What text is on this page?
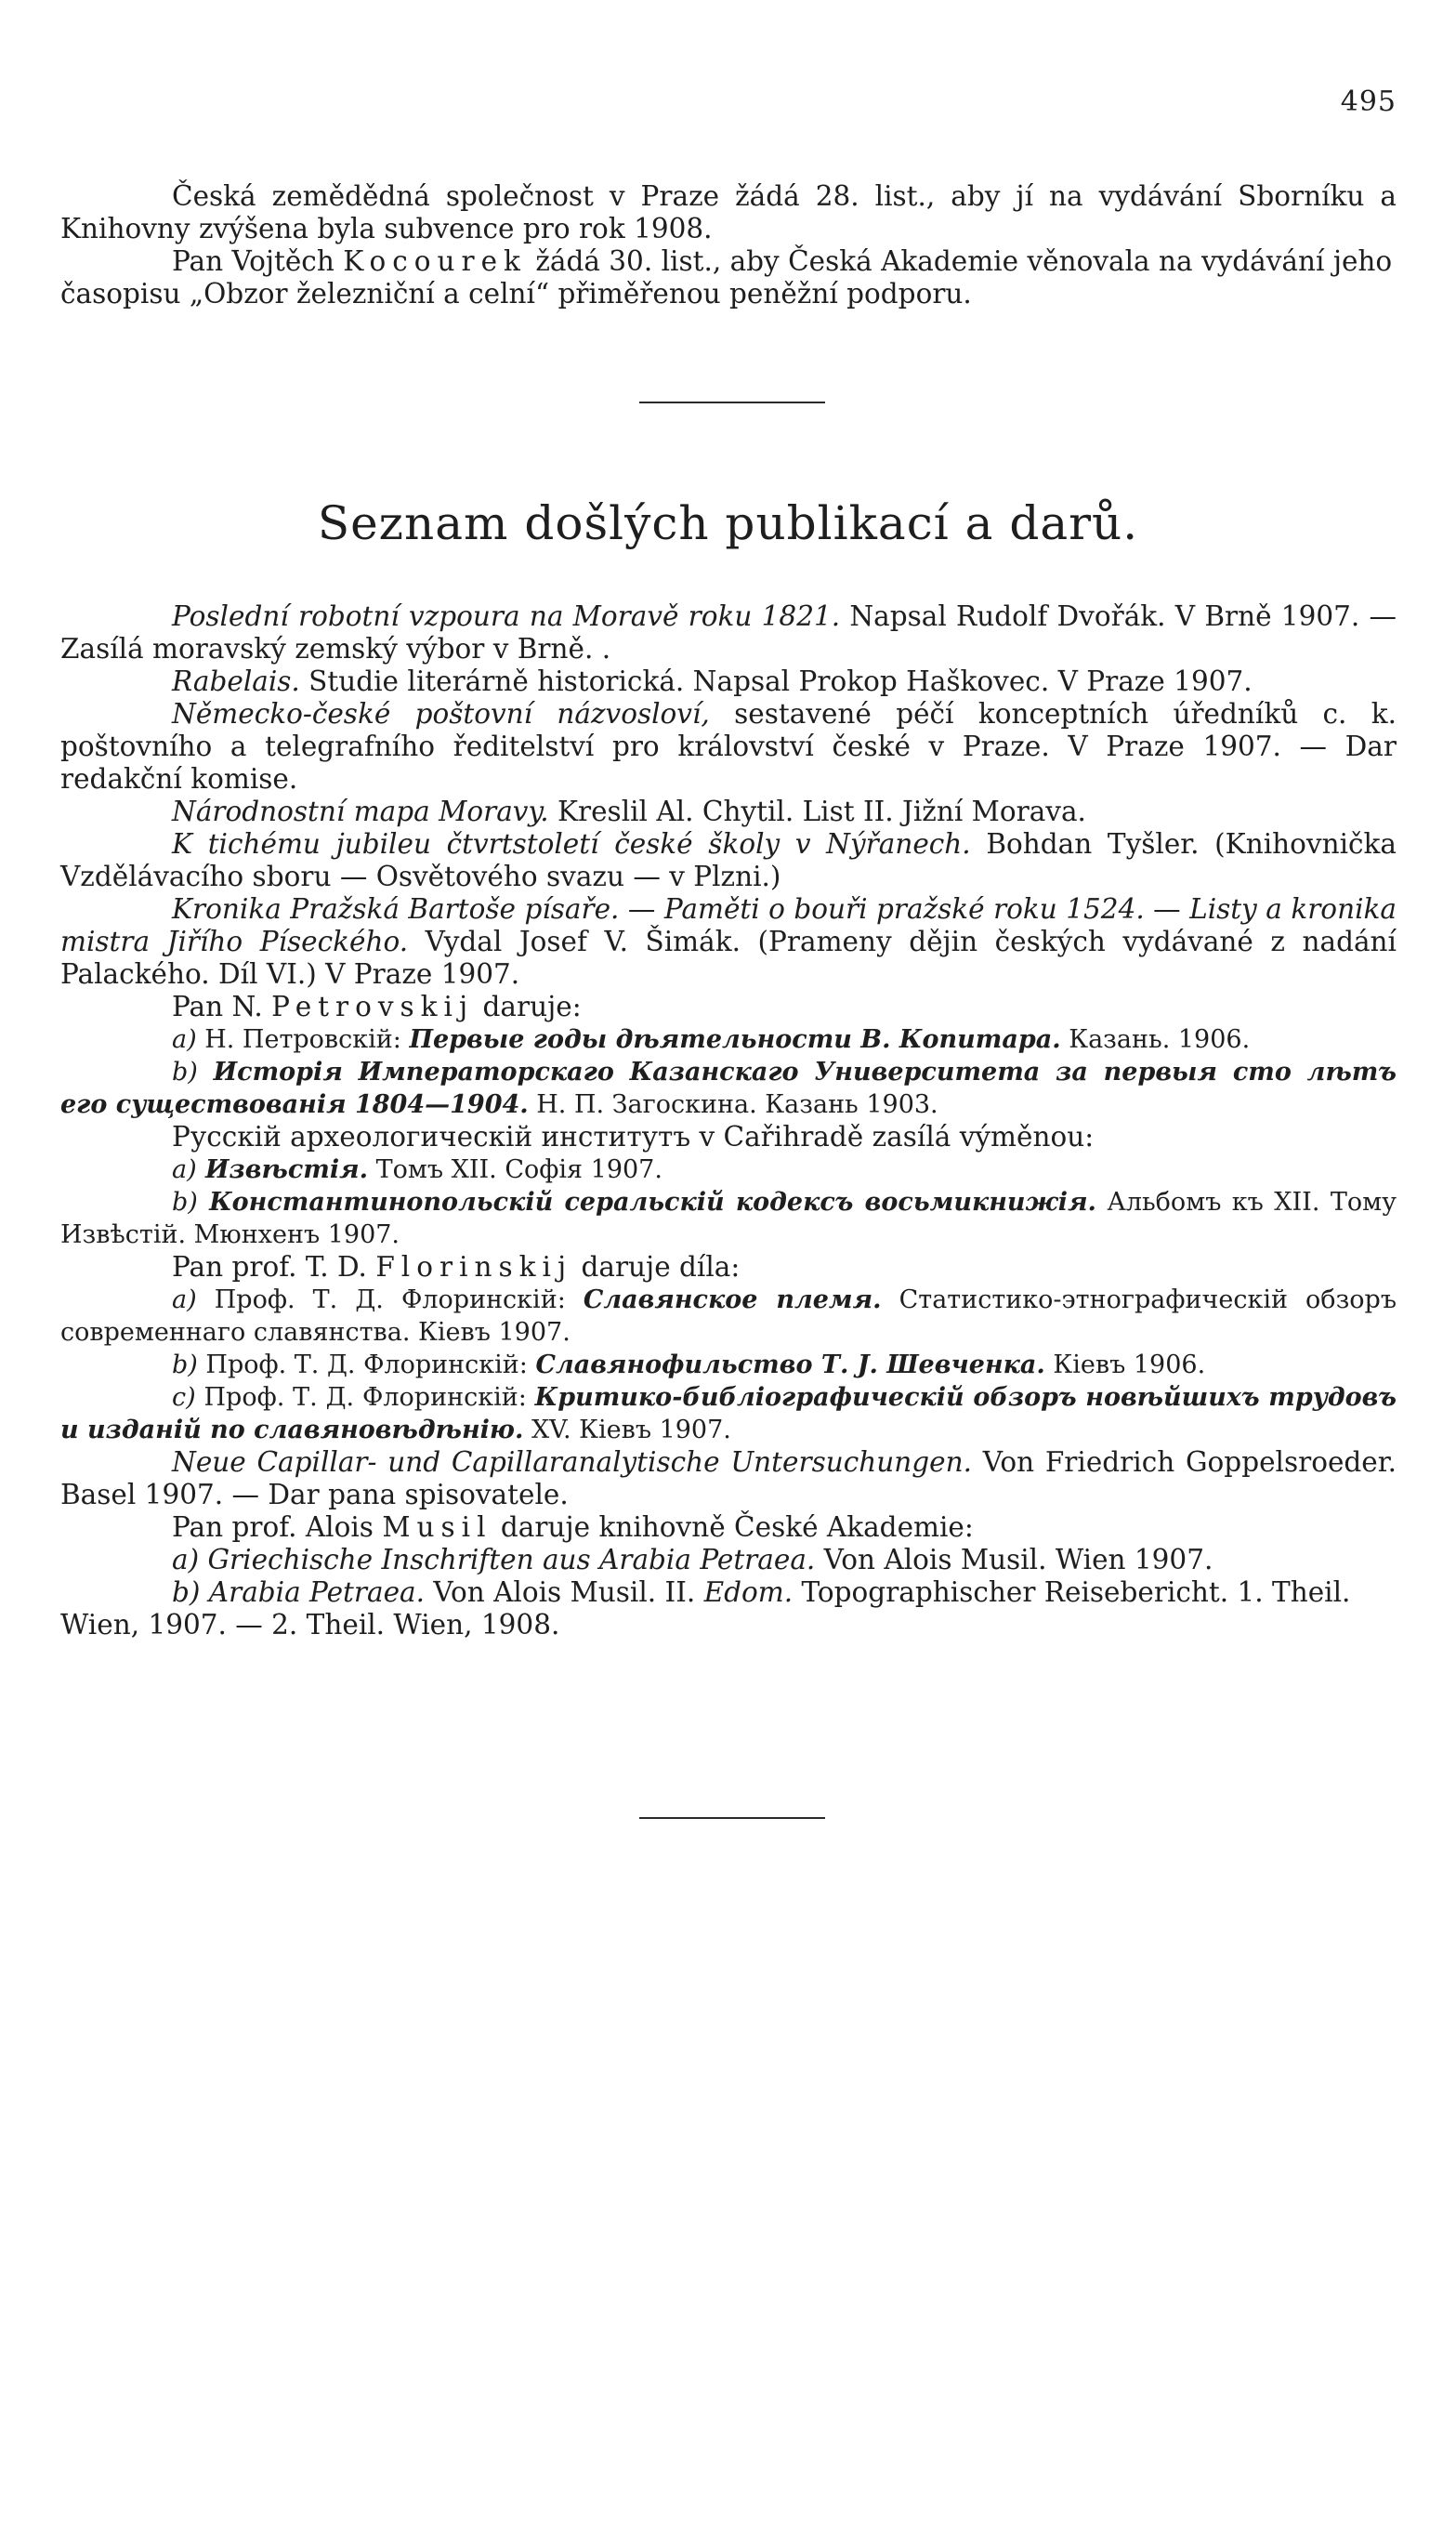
495

Česká zemědědná společnost v Praze žádá 28. list., aby jí na vydávání Sborníku a Knihovny zvýšena byla subvence pro rok 1908.

Pan Vojtěch Kocourek žádá 30. list., aby Česká Akademie věnovala na vydávání jeho časopisu „Obzor železniční a celní“ přiměřenou peněžní podporu.

Seznam došlých publikací a darů.

Poslední robotní vzpoura na Moravě roku 1821. Napsal Rudolf Dvořák. V Brně 1907. — Zasílá moravský zemský výbor v Brně. .

Rabelais. Studie literárně historická. Napsal Prokop Haškovec. V Praze 1907.

Německo-české poštovní názvosloví, sestavené péčí konceptních úředníků c. k. poštovního a telegrafního ředitelství pro království české v Praze. V Praze 1907. — Dar redakční komise.

Národnostní mapa Moravy. Kreslil Al. Chytil. List II. Jižní Morava.

K tichému jubileu čtvrtstoletí české školy v Nýřanech. Bohdan Tyšler. (Knihovnička Vzdělávacího sboru — Osvětového svazu — v Plzni.)

Kronika Pražská Bartoše písaře. — Paměti o bouři pražské roku 1524. — Listy a kronika mistra Jiřího Píseckého. Vydal Josef V. Šimák. (Prameny dějin českých vydávané z nadání Palackého. Díl VI.) V Praze 1907.

Pan N. Petrovskij daruje:

a) Н. Петровскій: Первые годы дѣятельности В. Копитара. Казань. 1906.

b) Исторія Императорскаго Казанскаго Университета за первыя сто лѣтъ его существованія 1804—1904. Н. П. Загоскина. Казань 1903.

Русскій археологическій институтъ v Cařihradě zasílá výměnou:

a) Извѣстія. Томъ XII. Софія 1907.

b) Константинопольскій серальскій кодексъ восьмикнижія. Альбомъ къ XII. Тому Извѣстій. Мюнхенъ 1907.

Pan prof. T. D. Florinskij daruje díla:

a) Проф. Т. Д. Флоринскій: Славянское племя. Статистико-этнографическій обзоръ современнаго славянства. Кіевъ 1907.

b) Проф. Т. Д. Флоринскій: Славянофильство Т. Ј. Шевченка. Кіевъ 1906.

c) Проф. Т. Д. Флоринскій: Критико-библіографическій обзоръ новѣйшихъ трудовъ и изданій по славяновѣдѣнію. XV. Кіевъ 1907.

Neue Capillar- und Capillaranalytische Untersuchungen. Von Friedrich Goppelsroeder. Basel 1907. — Dar pana spisovatele.

Pan prof. Alois Musil daruje knihovně České Akademie:

a) Griechische Inschriften aus Arabia Petraea. Von Alois Musil. Wien 1907.

b) Arabia Petraea. Von Alois Musil. II. Edom. Topographischer Reisebericht. 1. Theil. Wien, 1907. — 2. Theil. Wien, 1908.
